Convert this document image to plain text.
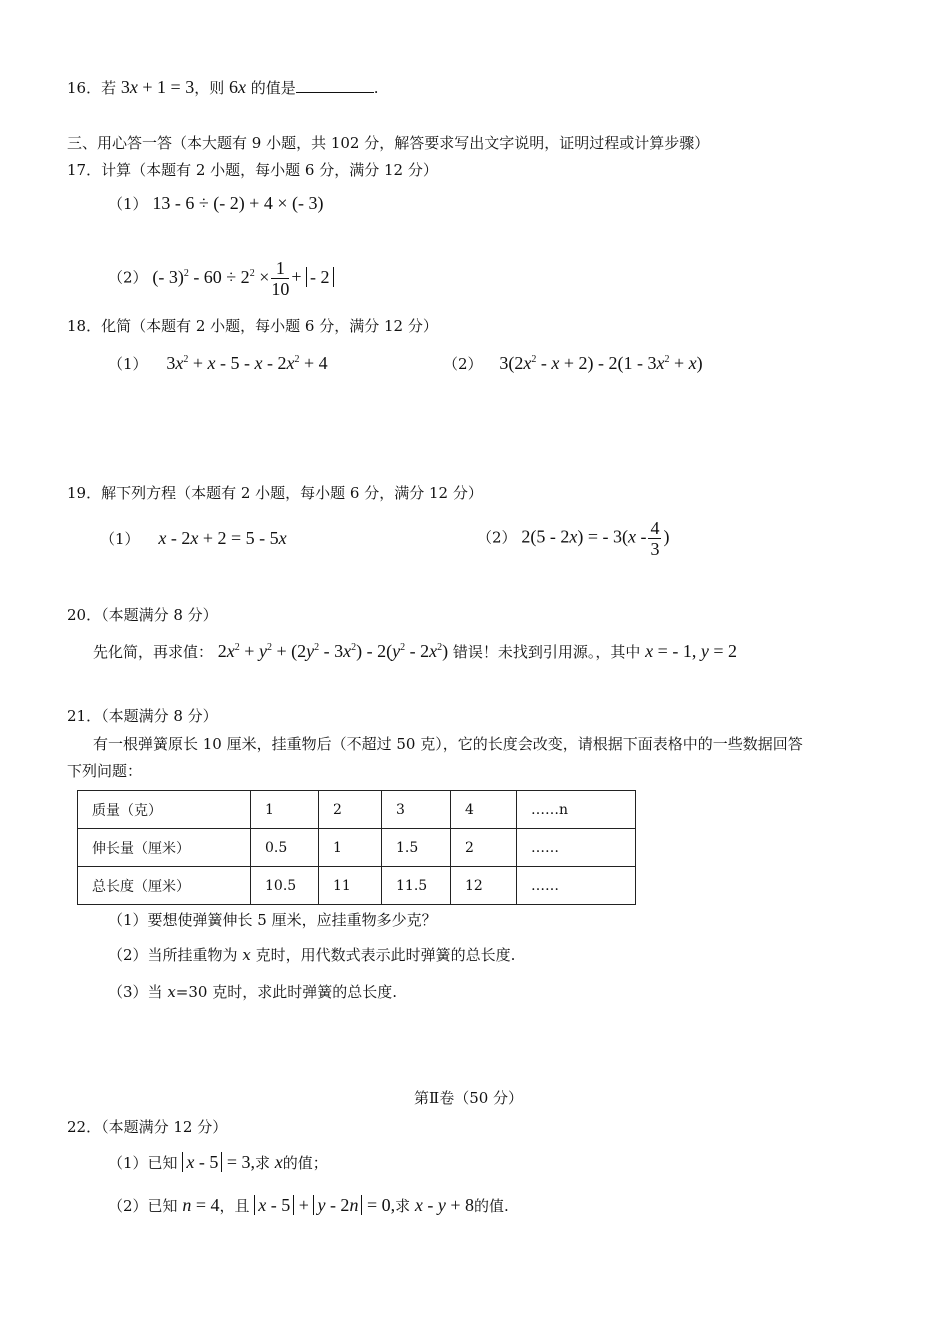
16．若 3x + 1 = 3，则 6x 的值是	.
三、用心答一答（本大题有 9 小题，共 102 分，解答要求写出文字说明，证明过程或计算步骤）
17．计算（本题有 2 小题，每小题 6 分，满分 12 分）
（1） 13 - 6 ÷ (- 2) + 4 × (- 3)
（2） (- $3)^2 - 60 \div 2^2 \times \frac{1}{10}$ + - 2
18．化简（本题有 2 小题，每小题 6 分，满分 12 分）
（1） $3x^2 + x - 5 - x - 2x^2 + 4$	（2） $3(2x^2 - x + 2) - 2(1 - 3x^2 + x)$
19．解下列方程（本题有 2 小题，每小题 6 分，满分 12 分）
（1） x - 2x + 2 = 5 - 5x	（2） 2(5 - 2x) = - $3(x - \frac{4}{3}$ )
20．（本题满分 8 分）
先化简，再求值： $2x^2 + y^2 + (2y^2 - 3x^2) - 2(y^2 - 2x^2)$ 错误！未找到引用源。，其中 x = - 1, y = 2
21．（本题满分 8 分）
有一根弹簧原长 10 厘米，挂重物后（不超过 50 克），它的长度会改变，请根据下面表格中的一些数据回答
下列问题：
质量（克）	1	2	3	4	……n
伸长量（厘米）	0.5	1	1.5	2	……
总长度（厘米）	10.5	11	11.5	12	……
（1）要想使弹簧伸长 5 厘米，应挂重物多少克？
（2）当所挂重物为 x 克时，用代数式表示此时弹簧的总长度.
（3）当 x=30 克时，求此时弹簧的总长度.
第Ⅱ卷（50 分）
22．（本题满分 12 分）
（1）已知 x - 5 = 3,求 x的值；
（2）已知 n = 4，且 x - 5 + y - 2n = 0,求 x - y + 8的值.
